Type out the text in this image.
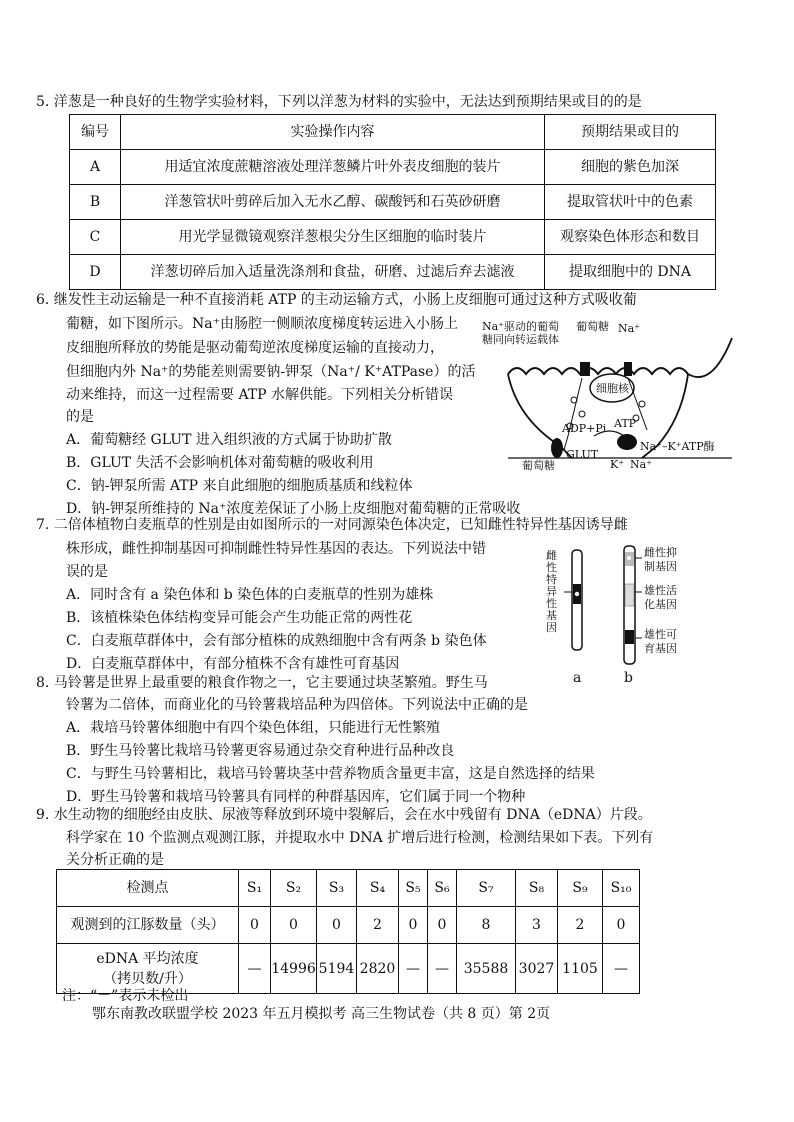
5. 洋葱是一种良好的生物学实验材料，下列以洋葱为材料的实验中，无法达到预期结果或目的的是
编号	实验操作内容	预期结果或目的
A	用适宜浓度蔗糖溶液处理洋葱鳞片叶外表皮细胞的装片	细胞的紫色加深
B	洋葱管状叶剪碎后加入无水乙醇、碳酸钙和石英砂研磨	提取管状叶中的色素
C	用光学显微镜观察洋葱根尖分生区细胞的临时装片	观察染色体形态和数目
D	洋葱切碎后加入适量洗涤剂和食盐，研磨、过滤后弃去滤液	提取细胞中的 DNA
6. 继发性主动运输是一种不直接消耗 ATP 的主动运输方式，小肠上皮细胞可通过这种方式吸收葡
葡糖，如下图所示。Na⁺由肠腔一侧顺浓度梯度转运进入小肠上
皮细胞所释放的势能是驱动葡萄逆浓度梯度运输的直接动力，
但细胞内外 Na⁺的势能差则需要钠-钾泵（Na⁺/ K⁺ATPase）的活
动来维持，而这一过程需要 ATP 水解供能。下列相关分析错误
的是
A．葡萄糖经 GLUT 进入组织液的方式属于协助扩散
B．GLUT 失活不会影响机体对葡萄糖的吸收利用
C．钠-钾泵所需 ATP 来自此细胞的细胞质基质和线粒体
D．钠-钾泵所维持的 Na⁺浓度差保证了小肠上皮细胞对葡萄糖的正常吸收
Na⁺驱动的葡萄
糖同向转运载体
葡萄糖 Na⁺
细胞核
ATP
ADP+Pi
GLUT
Na⁺–K⁺ATP酶
K⁺ Na⁺
葡萄糖
7. 二倍体植物白麦瓶草的性别是由如图所示的一对同源染色体决定，已知雌性特异性基因诱导雌
株形成，雌性抑制基因可抑制雌性特异性基因的表达。下列说法中错
误的是
A．同时含有 a 染色体和 b 染色体的白麦瓶草的性别为雄株
B．该植株染色体结构变异可能会产生功能正常的两性花
C．白麦瓶草群体中，会有部分植株的成熟细胞中含有两条 b 染色体
D．白麦瓶草群体中，有部分植株不含有雄性可育基因
雌
性
特
异
性
基
因
雌性抑
制基因
雄性活
化基因
雄性可
育基因
a	b
8. 马铃薯是世界上最重要的粮食作物之一，它主要通过块茎繁殖。野生马
铃薯为二倍体，而商业化的马铃薯栽培品种为四倍体。下列说法中正确的是
A．栽培马铃薯体细胞中有四个染色体组，只能进行无性繁殖
B．野生马铃薯比栽培马铃薯更容易通过杂交育种进行品种改良
C．与野生马铃薯相比，栽培马铃薯块茎中营养物质含量更丰富，这是自然选择的结果
D．野生马铃薯和栽培马铃薯具有同样的种群基因库，它们属于同一个物种
9. 水生动物的细胞经由皮肤、尿液等释放到环境中裂解后，会在水中残留有 DNA（eDNA）片段。
科学家在 10 个监测点观测江豚，并提取水中 DNA 扩增后进行检测，检测结果如下表。下列有
关分析正确的是
检测点	S₁	S₂	S₃	S₄	S₅	S₆	S₇	S₈	S₉	S₁₀
观测到的江豚数量（头）	0	0	0	2	0	0	8	3	2	0

eDNA 平均浓度
（拷贝数/升）	—	14996	5194	2820	—	—	35588	3027	1105	—
注：“－”表示未检出
鄂东南教改联盟学校 2023 年五月模拟考 高三生物试卷（共 8 页）第 2页
